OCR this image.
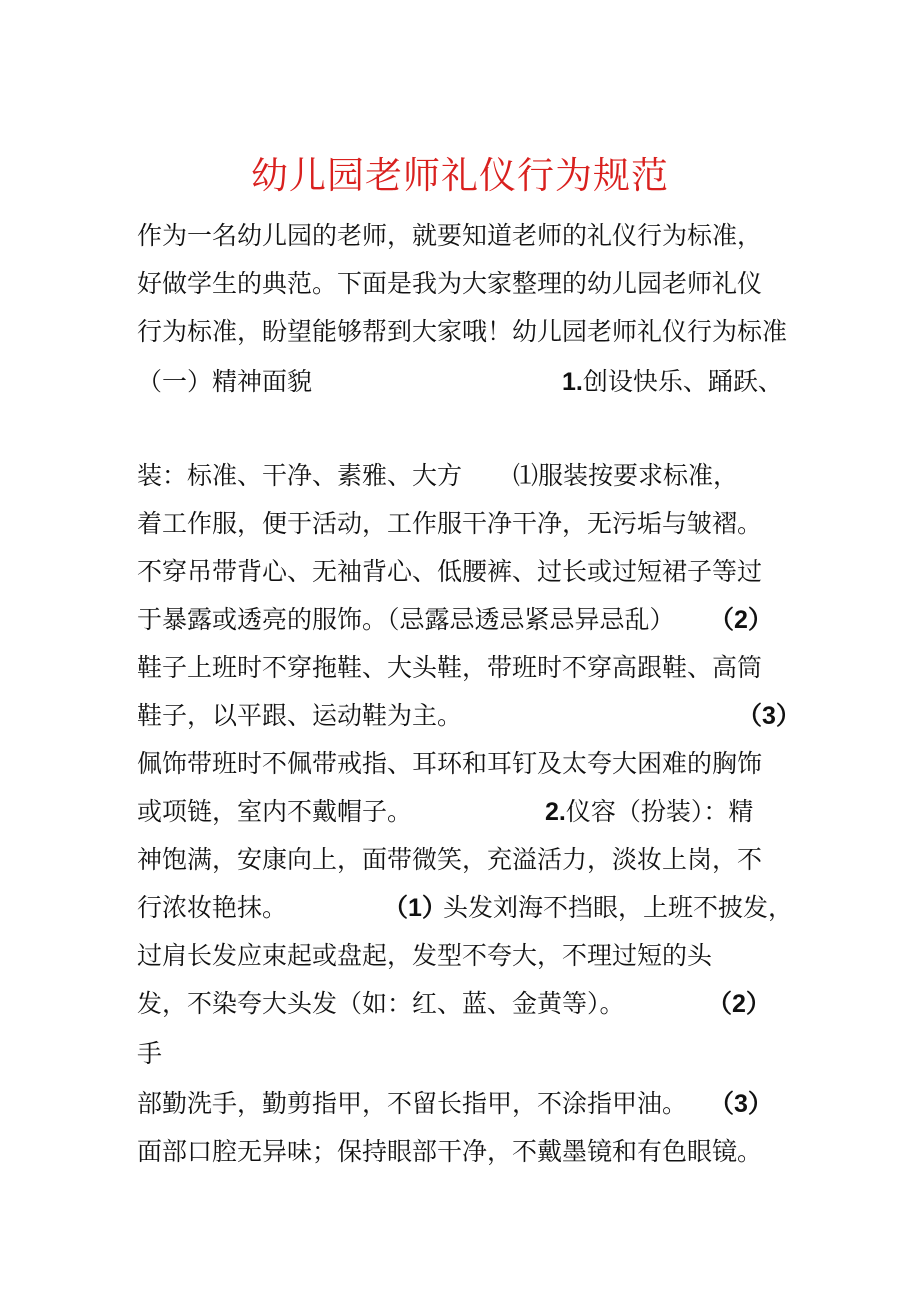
幼儿园老师礼仪行为规范
作为一名幼儿园的老师，就要知道老师的礼仪行为标准，
好做学生的典范。下面是我为大家整理的幼儿园老师礼仪
行为标准，盼望能够帮到大家哦！幼儿园老师礼仪行为标准
（一）精神面貌	1.创设快乐、踊跃、
装：标准、干净、素雅、大方 ⑴服装按要求标准，
着工作服，便于活动，工作服干净干净，无污垢与皱褶。
不穿吊带背心、无袖背心、低腰裤、过长或过短裙子等过
于暴露或透亮的服饰。（忌露忌透忌紧忌异忌乱） （2）
鞋子上班时不穿拖鞋、大头鞋，带班时不穿高跟鞋、高筒
鞋子，以平跟、运动鞋为主。	（3）
佩饰带班时不佩带戒指、耳环和耳钉及太夸大困难的胸饰
或项链，室内不戴帽子。	2.仪容（扮装）：精
神饱满，安康向上，面带微笑，充溢活力，淡妆上岗，不
行浓妆艳抹。	（1）
头发刘海不挡眼，上班不披发，
过肩长发应束起或盘起，发型不夸大，不理过短的头
发，不染夸大头发（如：红、蓝、金黄等）。	（2）
手
部勤洗手，勤剪指甲，不留长指甲，不涂指甲油。 （3）
面部口腔无异味；保持眼部干净，不戴墨镜和有色眼镜。
